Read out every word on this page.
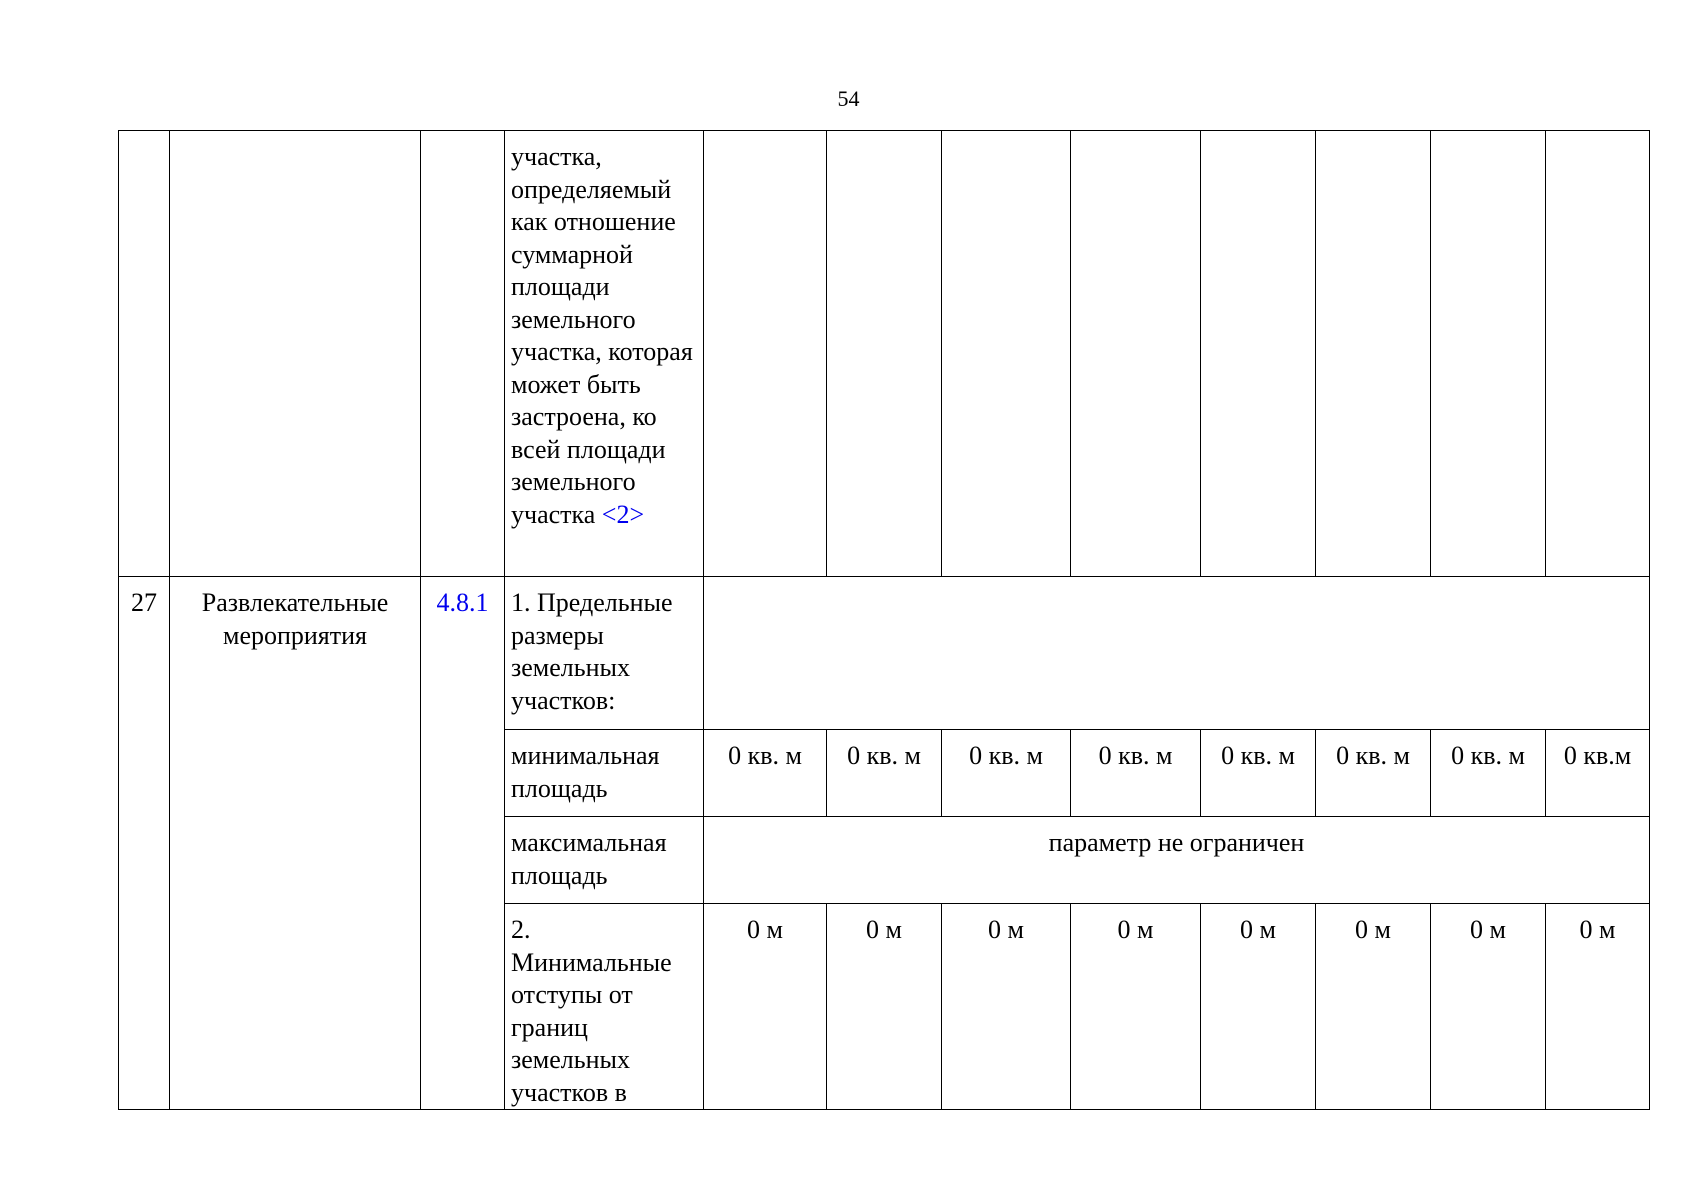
54
			участка, определяемый как отношение суммарной площади земельного участка, которая может быть застроена, ко всей площади земельного участка <2>								
27	Развлекательные мероприятия	4.8.1	1. Предельные размеры земельных участков:								
			минимальная площадь	0 кв. м	0 кв. м	0 кв. м	0 кв. м	0 кв. м	0 кв. м	0 кв. м	0 кв.м
			максимальная площадь	параметр не ограничен							
			2. Минимальные отступы от границ земельных участков в	0 м	0 м	0 м	0 м	0 м	0 м	0 м	0 м
